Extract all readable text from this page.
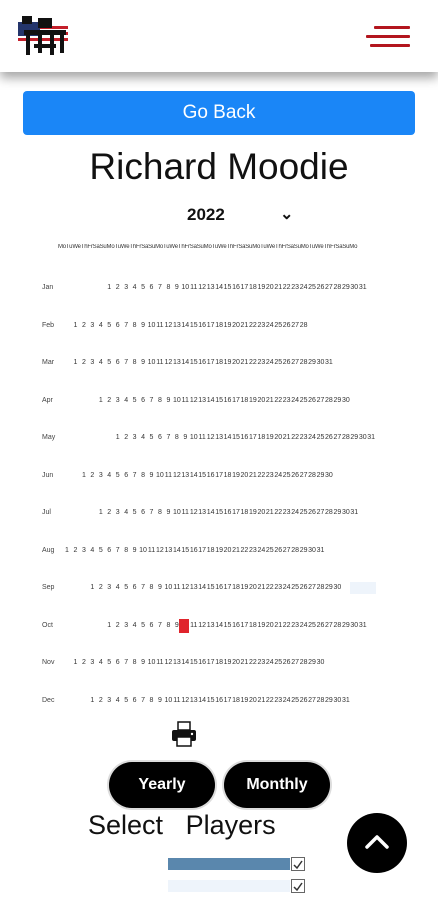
Go Back
Richard Moodie
2022	⌄
MoTuWeThFrSaSuMoTuWeThFrSaSuMoTuWeThFrSaSuMoTuWeThFrSaSuMoTuWeThFrSaSuMoTuWeThFrSaSuMo
Jan	1 2 3 4 5 6 7 8 9 10 11 12 13 14 15 16 17 18 19 20 21 22 23 24 25 26 27 28 29 30 31
Feb	1 2 3 4 5 6 7 8 9 10 11 12 13 14 15 16 17 18 19 20 21 22 23 24 25 26 27 28
Mar	1 2 3 4 5 6 7 8 9 10 11 12 13 14 15 16 17 18 19 20 21 22 23 24 25 26 27 28 29 30 31
Apr	1 2 3 4 5 6 7 8 9 10 11 12 13 14 15 16 17 18 19 20 21 22 23 24 25 26 27 28 29 30
May	1 2 3 4 5 6 7 8 9 10 11 12 13 14 15 16 17 18 19 20 21 22 23 24 25 26 27 28 29 30 31
Jun	1 2 3 4 5 6 7 8 9 10 11 12 13 14 15 16 17 18 19 20 21 22 23 24 25 26 27 28 29 30
Jul	1 2 3 4 5 6 7 8 9 10 11 12 13 14 15 16 17 18 19 20 21 22 23 24 25 26 27 28 29 30 31
Aug	1 2 3 4 5 6 7 8 9 10 11 12 13 14 15 16 17 18 19 20 21 22 23 24 25 26 27 28 29 30 31
Sep	1 2 3 4 5 6 7 8 9 10 11 12 13 14 15 16 17 18 19 20 21 22 23 24 25 26 27 28 29 30
Oct	1 2 3 4 5 6 7 8 9	11 12 13 14 15 16 17 18 19 20 21 22 23 24 25 26 27 28 29 30 31
Nov	1 2 3 4 5 6 7 8 9 10 11 12 13 14 15 16 17 18 19 20 21 22 23 24 25 26 27 28 29 30
Dec	1 2 3 4 5 6 7 8 9 10 11 12 13 14 15 16 17 18 19 20 21 22 23 24 25 26 27 28 29 30 31
Yearly	Monthly
Select Players
